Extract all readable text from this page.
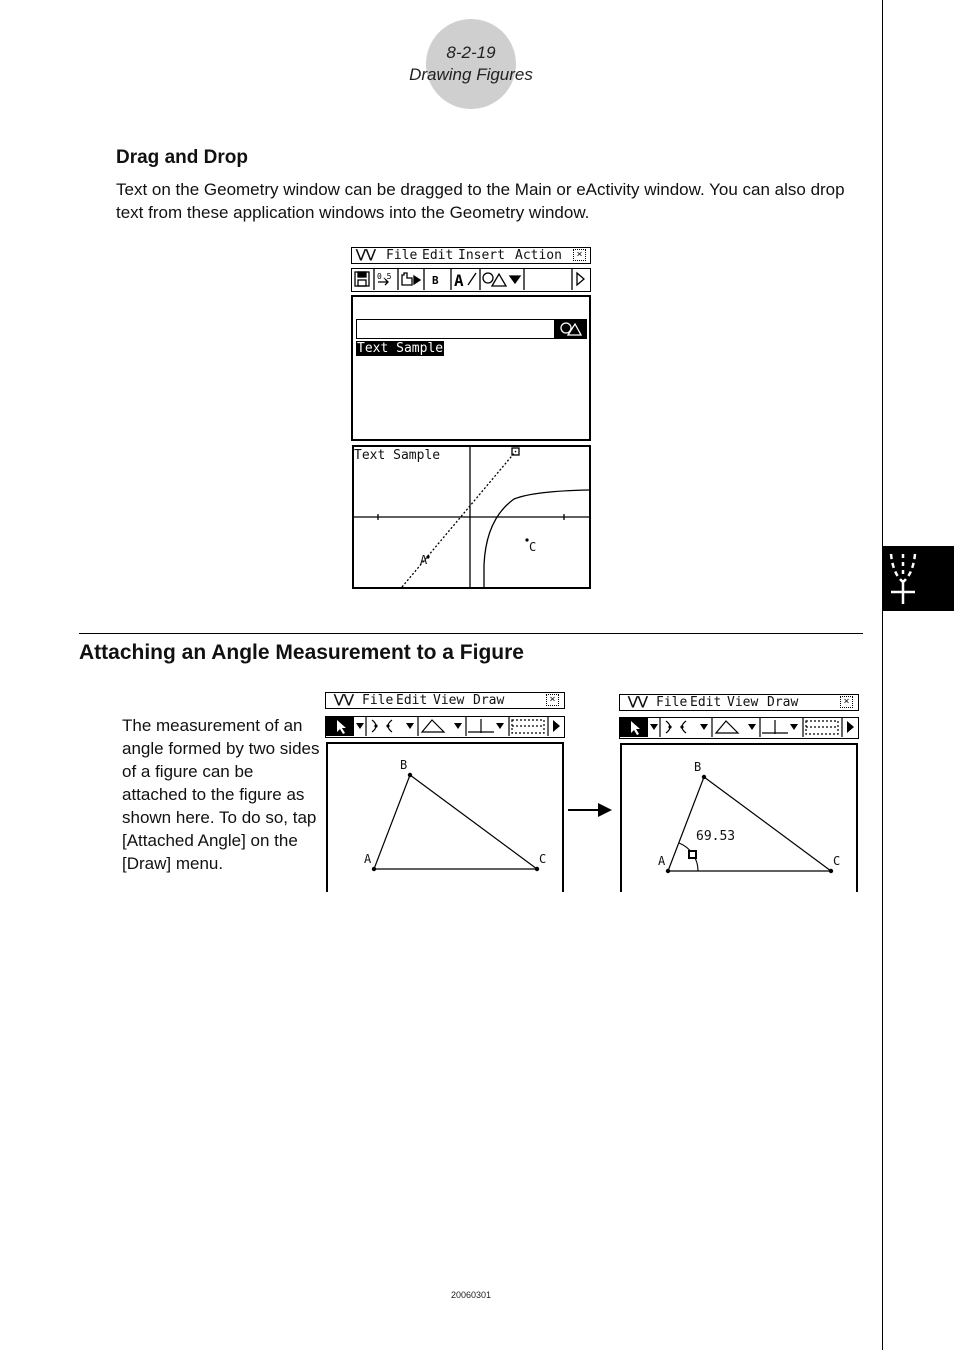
8-2-19
Drawing Figures
Drag and Drop
Text on the Geometry window can be dragged to the Main or eActivity window. You can also drop text from these application windows into the Geometry window.
⋁⋁ File Edit Insert Action	×
0.5	B A
Text Sample
Text Sample
A
C
Attaching an Angle Measurement to a Figure
The measurement of an angle formed by two sides of a figure can be attached to the figure as shown here. To do so, tap [Attached Angle] on the [Draw] menu.
⋁⋁ File Edit View Draw	×
B
A	C
⋁⋁ File Edit View Draw	×
B
A	C
69.53
20060301
